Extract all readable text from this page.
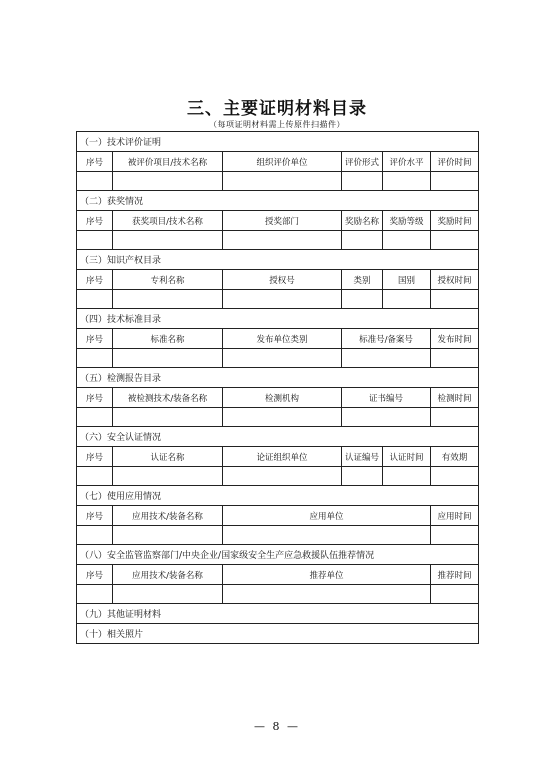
三、主要证明材料目录
（每项证明材料需上传原件扫描件）
（一）技术评价证明					
序号	被评价项目/技术名称	组织评价单位	评价形式	评价水平	评价时间

（二）获奖情况					
序号	获奖项目/技术名称	授奖部门	奖励名称	奖励等级	奖励时间

（三）知识产权目录					
序号	专利名称	授权号	类别	国别	授权时间

（四）技术标准目录					
序号	标准名称	发布单位类别	标准号/备案号		发布时间

（五）检测报告目录					
序号	被检测技术/装备名称	检测机构	证书编号		检测时间

（六）安全认证情况					
序号	认证名称	论证组织单位	认证编号	认证时间	有效期

（七）使用应用情况					
序号	应用技术/装备名称	应用单位			应用时间

（八）安全监管监察部门/中央企业/国家级安全生产应急救援队伍推荐情况					
序号	应用技术/装备名称	推荐单位			推荐时间

（九）其他证明材料					
（十）相关照片					
— 8 —
